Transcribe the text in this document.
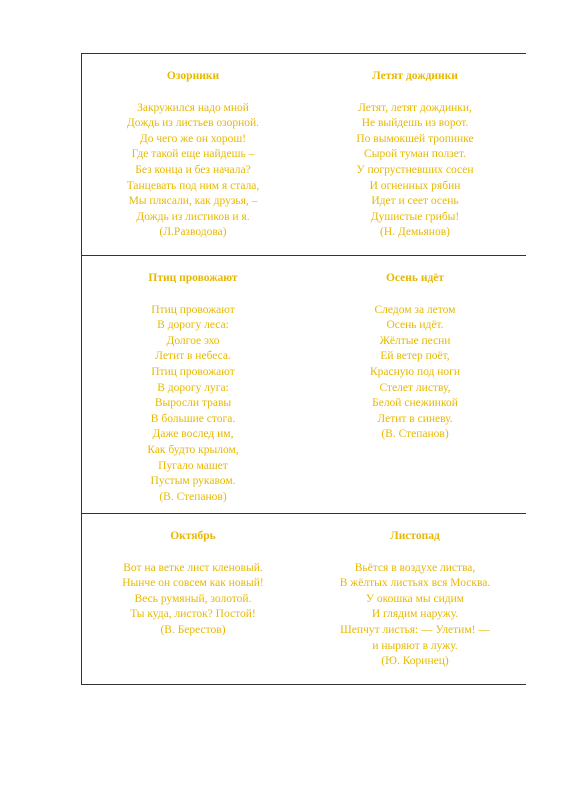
Озорники
Закружился надо мной
Дождь из листьев озорной.
До чего же он хорош!
Где такой еще найдешь –
Без конца и без начала?
Танцевать под ним я стала,
Мы плясали, как друзья, –
Дождь из листиков и я.
(Л.Разводова)
Летят дождинки
Летят, летят дождинки,
Не выйдешь из ворот.
По вымокшей тропинке
Сырой туман ползет.
У погрустневших сосен
И огненных рябин
Идет и сеет осень
Душистые грибы!
(Н. Демьянов)
Птиц провожают
Птиц провожают
В дорогу леса:
Долгое эхо
Летит в небеса.
Птиц провожают
В дорогу луга:
Выросли травы
В большие стога.
Даже вослед им,
Как будто крылом,
Пугало машет
Пустым рукавом.
(В. Степанов)
Осень идёт
Следом за летом
Осень идёт.
Жёлтые песни
Ей ветер поёт,
Красную под ноги
Стелет листву,
Белой снежинкой
Летит в синеву.
(В. Степанов)
Октябрь
Вот на ветке лист кленовый.
Нынче он совсем как новый!
Весь румяный, золотой.
Ты куда, листок? Постой!
(В. Берестов)
Листопад
Вьётся в воздухе листва,
В жёлтых листьях вся Москва.
У окошка мы сидим
И глядим наружу.
Шепчут листья: — Улетим! —
и ныряют в лужу.
(Ю. Коринец)
